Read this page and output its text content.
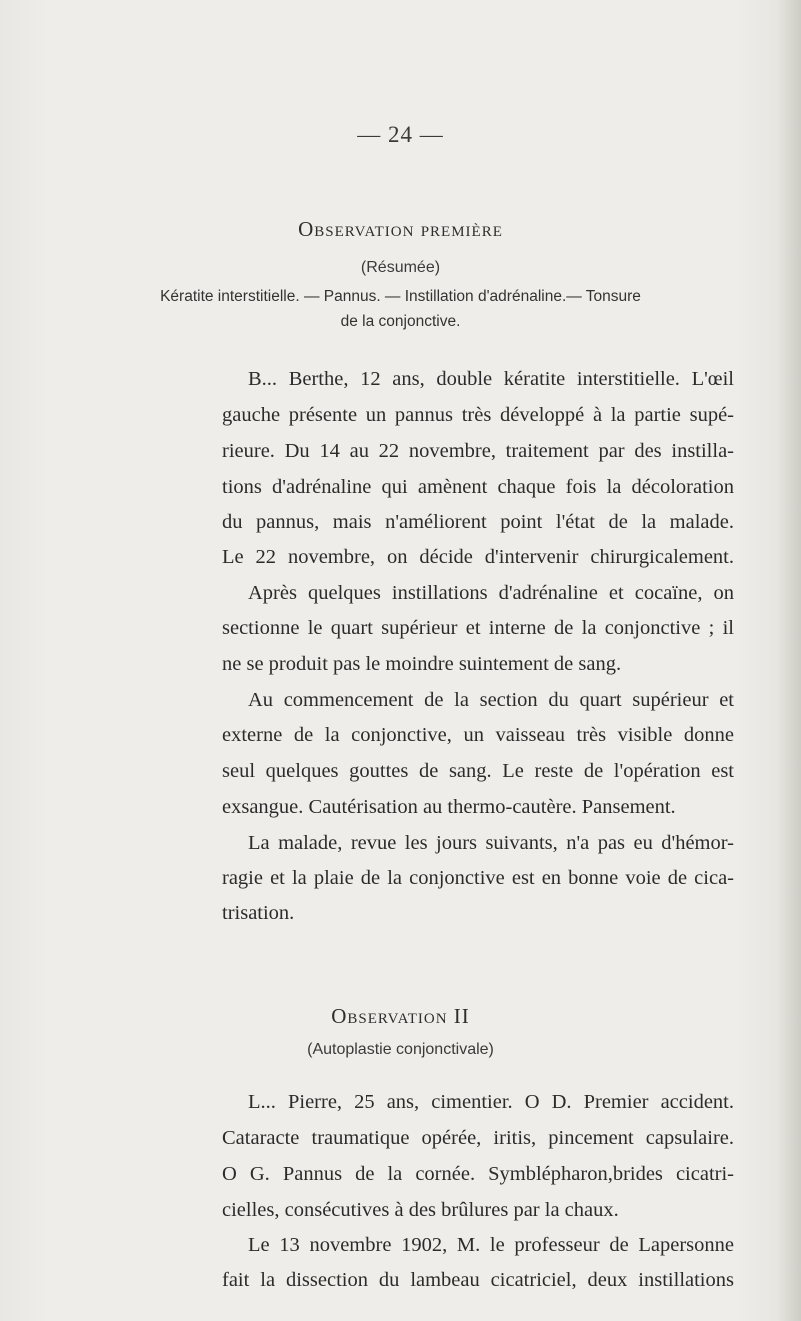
— 24 —
Observation première
(Résumée)
Kératite interstitielle. — Pannus. — Instillation d'adrénaline.— Tonsure
de la conjonctive.
B... Berthe, 12 ans, double kératite interstitielle. L'œil
gauche présente un pannus très développé à la partie supé-
rieure. Du 14 au 22 novembre, traitement par des instilla-
tions d'adrénaline qui amènent chaque fois la décoloration
du pannus, mais n'améliorent point l'état de la malade.
Le 22 novembre, on décide d'intervenir chirurgicalement.
Après quelques instillations d'adrénaline et cocaïne, on
sectionne le quart supérieur et interne de la conjonctive ; il
ne se produit pas le moindre suintement de sang.
Au commencement de la section du quart supérieur et
externe de la conjonctive, un vaisseau très visible donne
seul quelques gouttes de sang. Le reste de l'opération est
exsangue. Cautérisation au thermo-cautère. Pansement.
La malade, revue les jours suivants, n'a pas eu d'hémor-
ragie et la plaie de la conjonctive est en bonne voie de cica-
trisation.
Observation II
(Autoplastie conjonctivale)
L... Pierre, 25 ans, cimentier. O D. Premier accident.
Cataracte traumatique opérée, iritis, pincement capsulaire.
O G. Pannus de la cornée. Symblépharon,brides cicatri-
cielles, consécutives à des brûlures par la chaux.
Le 13 novembre 1902, M. le professeur de Lapersonne
fait la dissection du lambeau cicatriciel, deux instillations
